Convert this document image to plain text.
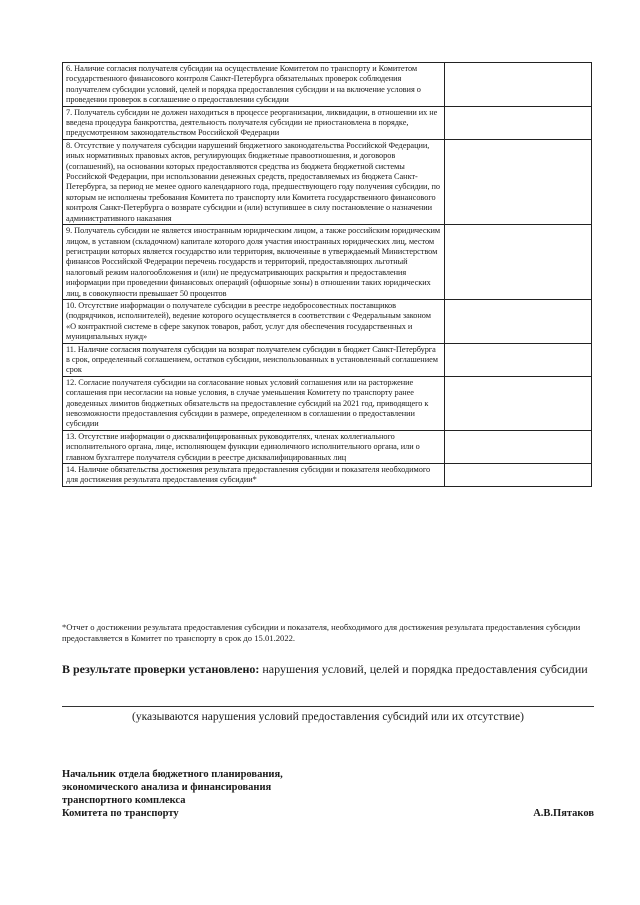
6. Наличие согласия получателя субсидии на осуществление Комитетом по транспорту и Комитетом государственного финансового контроля Санкт-Петербурга обязательных проверок соблюдения получателем субсидии условий, целей и порядка предоставления субсидии и на включение условия о проведении проверок в соглашение о предоставлении субсидии	
7. Получатель субсидии не должен находиться в процессе реорганизации, ликвидации, в отношении их не введена процедура банкротства, деятельность получателя субсидии не приостановлена в порядке, предусмотренном законодательством Российской Федерации	
8. Отсутствие у получателя субсидии нарушений бюджетного законодательства Российской Федерации, иных нормативных правовых актов, регулирующих бюджетные правоотношения, и договоров (соглашений), на основании которых предоставляются средства из бюджета бюджетной системы Российской Федерации, при использовании денежных средств, предоставляемых из бюджета Санкт-Петербурга, за период не менее одного календарного года, предшествующего году получения субсидии, по которым не исполнены требования Комитета по транспорту или Комитета государственного финансового контроля Санкт-Петербурга о возврате субсидии и (или) вступившее в силу постановление о назначении административного наказания	
9. Получатель субсидии не является иностранным юридическим лицом, а также российским юридическим лицом, в уставном (складочном) капитале которого доля участия иностранных юридических лиц, местом регистрации которых является государство или территория, включенные в утверждаемый Министерством финансов Российской Федерации перечень государств и территорий, предоставляющих льготный налоговый режим налогообложения и (или) не предусматривающих раскрытия и предоставления информации при проведении финансовых операций (офшорные зоны) в отношении таких юридических лиц, в совокупности превышает 50 процентов	
10. Отсутствие информации о получателе субсидии в реестре недобросовестных поставщиков (подрядчиков, исполнителей), ведение которого осуществляется в соответствии с Федеральным законом «О контрактной системе в сфере закупок товаров, работ, услуг для обеспечения государственных и муниципальных нужд»	
11. Наличие согласия получателя субсидии на возврат получателем субсидии в бюджет Санкт-Петербурга в срок, определенный соглашением, остатков субсидии, неиспользованных в установленный соглашением срок	
12. Согласие получателя субсидии на согласование новых условий соглашения или на расторжение соглашения при несогласии на новые условия, в случае уменьшения Комитету по транспорту ранее доведенных лимитов бюджетных обязательств на предоставление субсидий на 2021 год, приводящего к невозможности предоставления субсидии в размере, определенном в соглашении о предоставлении субсидии	
13. Отсутствие информации о дисквалифицированных руководителях, членах коллегиального исполнительного органа, лице, исполняющем функции единоличного исполнительного органа, или о главном бухгалтере получателя субсидии в реестре дисквалифицированных лиц	
14. Наличие обязательства достижения результата предоставления субсидии и показателя необходимого для достижения результата предоставления субсидии*	
*Отчет о достижении результата предоставления субсидии и показателя, необходимого для достижения результата предоставления субсидии предоставляется в Комитет по транспорту в срок до 15.01.2022.
В результате проверки установлено: нарушения условий, целей и порядка предоставления субсидии
(указываются нарушения условий предоставления субсидий или их отсутствие)
Начальник отдела бюджетного планирования,
экономического анализа и финансирования
транспортного комплекса
Комитета по транспорту	А.В.Пятаков
